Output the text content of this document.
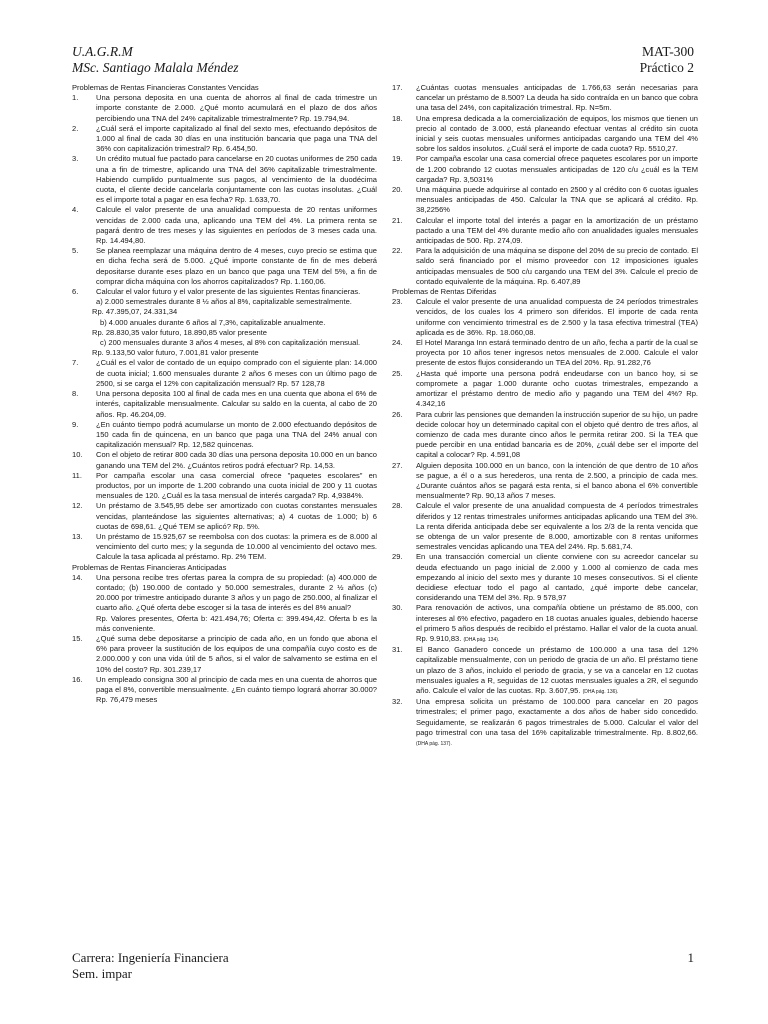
U.A.G.R.M
MSc. Santiago Malala Méndez
MAT-300
Práctico 2
Problemas de Rentas Financieras Constantes Vencidas
1.	Una persona deposita en una cuenta de ahorros al final de cada trimestre un importe constante de 2.000. ¿Qué monto acumulará en el plazo de dos años percibiendo una TNA del 24% capitalizable trimestralmente? Rp. 19.794,94.
2.	¿Cuál será el importe capitalizado al final del sexto mes, efectuando depósitos de 1.000 al final de cada 30 días en una institución bancaria que paga una TNA del 36% con capitalización trimestral? Rp. 6.454,50.
3.	Un crédito mutual fue pactado para cancelarse en 20 cuotas uniformes de 250 cada una a fin de trimestre, aplicando una TNA del 36% capitalizable trimestralmente. Habiendo cumplido puntualmente sus pagos, al vencimiento de la duodécima cuota, el cliente decide cancelarla conjuntamente con las cuotas insolutas. ¿Cuál es el importe total a pagar en esa fecha? Rp. 1.633,70.
4.	Calcule el valor presente de una anualidad compuesta de 20 rentas uniformes vencidas de 2.000 cada una, aplicando una TEM del 4%. La primera renta se pagará dentro de tres meses y las siguientes en períodos de 3 meses cada una. Rp. 14.494,80.
5.	Se planea reemplazar una máquina dentro de 4 meses, cuyo precio se estima que en dicha fecha será de 5.000. ¿Qué importe constante de fin de mes deberá depositarse durante eses plazo en un banco que paga una TEM del 5%, a fin de comprar dicha máquina con los ahorros capitalizados? Rp. 1.160,06.
6.	Calcular el valor futuro y el valor presente de las siguientes Rentas financieras.
a) 2.000 semestrales durante 8 ½ años al 8%, capitalizable semestralmente.
Rp. 47.395,07, 24.331,34
b) 4.000 anuales durante 6 años al 7,3%, capitalizable anualmente.
Rp. 28.830,35 valor futuro, 18.890,85 valor presente
c) 200 mensuales durante 3 años 4 meses, al 8% con capitalización mensual.
Rp. 9.133,50 valor futuro, 7.001,81 valor presente
7.	¿Cuál es el valor de contado de un equipo comprado con el siguiente plan: 14.000 de cuota inicial; 1.600 mensuales durante 2 años 6 meses con un último pago de 2500, si se carga el 12% con capitalización mensual? Rp. 57 128,78
8.	Una persona deposita 100 al final de cada mes en una cuenta que abona el 6% de interés, capitalizable mensualmente. Calcular su saldo en la cuenta, al cabo de 20 años. Rp. 46.204,09.
9.	¿En cuánto tiempo podrá acumularse un monto de 2.000 efectuando depósitos de 150 cada fin de quincena, en un banco que paga una TNA del 24% anual con capitalización mensual? Rp. 12,582 quincenas.
10.	Con el objeto de retirar 800 cada 30 días una persona deposita 10.000 en un banco ganando una TEM del 2%. ¿Cuántos retiros podrá efectuar? Rp. 14,53.
11.	Por campaña escolar una casa comercial ofrece "paquetes escolares" en productos, por un importe de 1.200 cobrando una cuota inicial de 200 y 11 cuotas mensuales de 120. ¿Cuál es la tasa mensual de interés cargada? Rp. 4,9384%.
12.	Un préstamo de 3.545,95 debe ser amortizado con cuotas constantes mensuales vencidas, planteándose las siguientes alternativas; a) 4 cuotas de 1.000; b) 6 cuotas de 698,61. ¿Qué TEM se aplicó? Rp. 5%.
13.	Un préstamo de 15.925,67 se reembolsa con dos cuotas: la primera es de 8.000 al vencimiento del curto mes; y la segunda de 10.000 al vencimiento del octavo mes. Calcule la tasa aplicada al préstamo. Rp. 2% TEM.
Problemas de Rentas Financieras Anticipadas
14.	Una persona recibe tres ofertas parea la compra de su propiedad: (a) 400.000 de contado; (b) 190.000 de contado y 50.000 semestrales, durante 2 ½ años (c) 20.000 por trimestre anticipado durante 3 años y un pago de 250.000, al finalizar el cuarto año. ¿Qué oferta debe escoger si la tasa de interés es del 8% anual?
Rp. Valores presentes, Oferta b: 421.494,76; Oferta c: 399.494,42. Oferta b es la más conveniente.
15.	¿Qué suma debe depositarse a principio de cada año, en un fondo que abona el 6% para proveer la sustitución de los equipos de una compañía cuyo costo es de 2.000.000 y con una vida útil de 5 años, si el valor de salvamento se estima en el 10% del costo? Rp. 301.239,17
16.	Un empleado consigna 300 al principio de cada mes en una cuenta de ahorros que paga el 8%, convertible mensualmente. ¿En cuánto tiempo logrará ahorrar 30.000? Rp. 76,479 meses
17.	¿Cuántas cuotas mensuales anticipadas de 1.766,63 serán necesarias para cancelar un préstamo de 8.500? La deuda ha sido contraída en un banco que cobra una tasa del 24%, con capitalización trimestral. Rp. N=5m.
18.	Una empresa dedicada a la comercialización de equipos, los mismos que tienen un precio al contado de 3.000, está planeando efectuar ventas al crédito sin cuota inicial y seis cuotas mensuales uniformes anticipadas cargando una TEM del 4% sobre los saldos insolutos. ¿Cuál será el importe de cada cuota? Rp. 5510,27.
19.	Por campaña escolar una casa comercial ofrece paquetes escolares por un importe de 1.200 cobrando 12 cuotas mensuales anticipadas de 120 c/u ¿cuál es la TEM cargada? Rp. 3,5031%
20.	Una máquina puede adquirirse al contado en 2500 y al crédito con 6 cuotas iguales mensuales anticipadas de 450. Calcular la TNA que se aplicará al crédito. Rp. 38,2256%
21.	Calcular el importe total del interés a pagar en la amortización de un préstamo pactado a una TEM del 4% durante medio año con anualidades iguales mensuales anticipadas de 500. Rp. 274,09.
22.	Para la adquisición de una máquina se dispone del 20% de su precio de contado. El saldo será financiado por el mismo proveedor con 12 imposiciones iguales anticipadas mensuales de 500 c/u cargando una TEM del 3%. Calcule el precio de contado equivalente de la máquina. Rp. 6.407,89
Problemas de Rentas Diferidas
23.	Calcule el valor presente de una anualidad compuesta de 24 períodos trimestrales vencidos, de los cuales los 4 primero son diferidos. El importe de cada renta uniforme con vencimiento trimestral es de 2.500 y la tasa efectiva trimestral (TEA) aplicada es de 36%. Rp. 18.060,08.
24.	El Hotel Maranga Inn estará terminado dentro de un año, fecha a partir de la cual se proyecta por 10 años tener ingresos netos mensuales de 2.000. Calcule el valor presente de estos flujos considerando un TEA del 20%. Rp. 91.282,76
25.	¿Hasta qué importe una persona podrá endeudarse con un banco hoy, si se compromete a pagar 1.000 durante ocho cuotas trimestrales, empezando a amortizar el préstamo dentro de medio año y pagando una TEM del 4%? Rp. 4.342,16
26.	Para cubrir las pensiones que demanden la instrucción superior de su hijo, un padre decide colocar hoy un determinado capital con el objeto qué dentro de tres años, al comienzo de cada mes durante cinco años le permita retirar 200. Si la TEA que puede percibir en una entidad bancaria es de 20%, ¿cuál debe ser el importe del capital a colocar? Rp. 4.591,08
27.	Alguien deposita 100.000 en un banco, con la intención de que dentro de 10 años se pague, a él o a sus herederos, una renta de 2.500, a principio de cada mes. ¿Durante cuántos años se pagará esta renta, si el banco abona el 6% convertible mensualmente? Rp. 90,13 años 7 meses.
28.	Calcule el valor presente de una anualidad compuesta de 4 períodos trimestrales diferidos y 12 rentas trimestrales uniformes anticipadas aplicando una TEM del 3%. La renta diferida anticipada debe ser equivalente a los 2/3 de la renta vencida que se obtenga de un valor presente de 8.000, amortizable con 8 rentas uniformes semestrales vencidas aplicando una TEA del 24%. Rp. 5.681,74.
29.	En una transacción comercial un cliente conviene con su acreedor cancelar su deuda efectuando un pago inicial de 2.000 y 1.000 al comienzo de cada mes empezando al inicio del sexto mes y durante 10 meses consecutivos. Si el cliente decidiese efectuar todo el pago al cantado, ¿qué importe debe cancelar, considerando una TEM del 3%. Rp. 9 578,97
30.	Para renovación de activos, una compañía obtiene un préstamo de 85.000, con intereses al 6% efectivo, pagadero en 18 cuotas anuales iguales, debiendo hacerse el primero 5 años después de recibido el préstamo. Hallar el valor de la cuota anual. Rp. 9.910,83. (DHA pág. 134).
31.	El Banco Ganadero concede un préstamo de 100.000 a una tasa del 12% capitalizable mensualmente, con un periodo de gracia de un año. El préstamo tiene un plazo de 3 años, incluido el periodo de gracia, y se va a cancelar en 12 cuotas mensuales iguales a R, seguidas de 12 cuotas mensuales iguales a 2R, el segundo año. Calcule el valor de las cuotas. Rp. 3.607,95. (DHA pág. 136).
32.	Una empresa solicita un préstamo de 100.000 para cancelar en 20 pagos trimestrales; el primer pago, exactamente a dos años de haber sido concedido. Seguidamente, se realizarán 6 pagos trimestrales de 5.000. Calcular el valor del pago trimestral con una tasa del 16% capitalizable trimestralmente. Rp. 8.802,66. (DHA pág. 137).
Carrera: Ingeniería Financiera
Sem. impar
1
